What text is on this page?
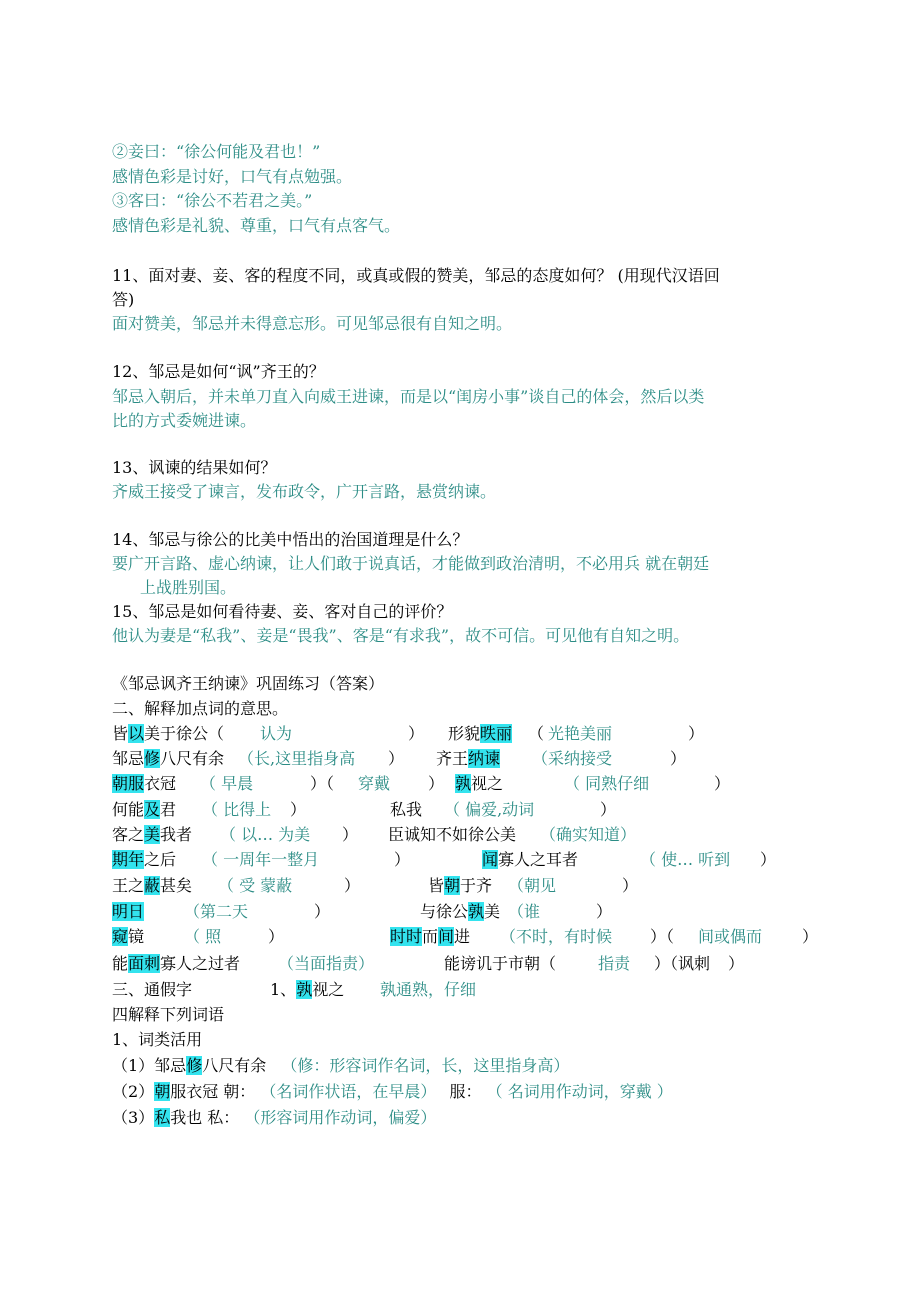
②妾曰：“徐公何能及君也！”
感情色彩是讨好，口气有点勉强。
③客曰：“徐公不若君之美。”
感情色彩是礼貌、尊重，口气有点客气。
11、面对妻、妾、客的程度不同，或真或假的赞美，邹忌的态度如何？ (用现代汉语回
答)
面对赞美，邹忌并未得意忘形。可见邹忌很有自知之明。
12、邹忌是如何“讽”齐王的？
邹忌入朝后，并未单刀直入向威王进谏，而是以“闺房小事”谈自己的体会，然后以类
比的方式委婉进谏。
13、讽谏的结果如何？
齐威王接受了谏言，发布政令，广开言路，悬赏纳谏。
14、邹忌与徐公的比美中悟出的治国道理是什么？
要广开言路、虚心纳谏，让人们敢于说真话，才能做到政治清明，不必用兵 就在朝廷
上战胜别国。
15、邹忌是如何看待妻、妾、客对自己的评价？
他认为妻是“私我”、妾是“畏我”、客是“有求我”，故不可信。可见他有自知之明。
《邹忌讽齐王纳谏》巩固练习（答案）
二、解释加点词的意思。
皆以美于徐公（ 认为	） 形貌昳丽 （ 光艳美丽	）
邹忌修八尺有余 （长,这里指身高 ） 齐王纳谏 （采纳接受	）
朝服衣冠 （ 早晨	）（ 穿戴 ） 孰视之	（ 同熟仔细	）
何能及君 （ 比得上 ）	私我 （ 偏爱,动词	）
客之美我者 （ 以… 为美 ） 臣诚知不如徐公美 （确实知道）
期年之后 （ 一周年一整月	）	闻寡人之耳者	（ 使… 听到 ）
王之蔽甚矣 （ 受 蒙蔽	）	皆朝于齐 （朝见	）
明日 （第二天	）	与徐公孰美 （谁	）
窥镜 （ 照	）	时时而间进 （不时，有时候 ）（ 间或偶而 ）
能面刺寡人之过者 （当面指责）	能谤讥于市朝（	指责 ）（讽刺 ）
三、通假字	1、孰视之 孰通熟，仔细
四解释下列词语
1、词类活用
（1）邹忌修八尺有余 （修：形容词作名词，长，这里指身高）
（2）朝服衣冠 朝： （名词作状语，在早晨） 服： （ 名词用作动词，穿戴 ）
（3）私我也 私： （形容词用作动词，偏爱）
